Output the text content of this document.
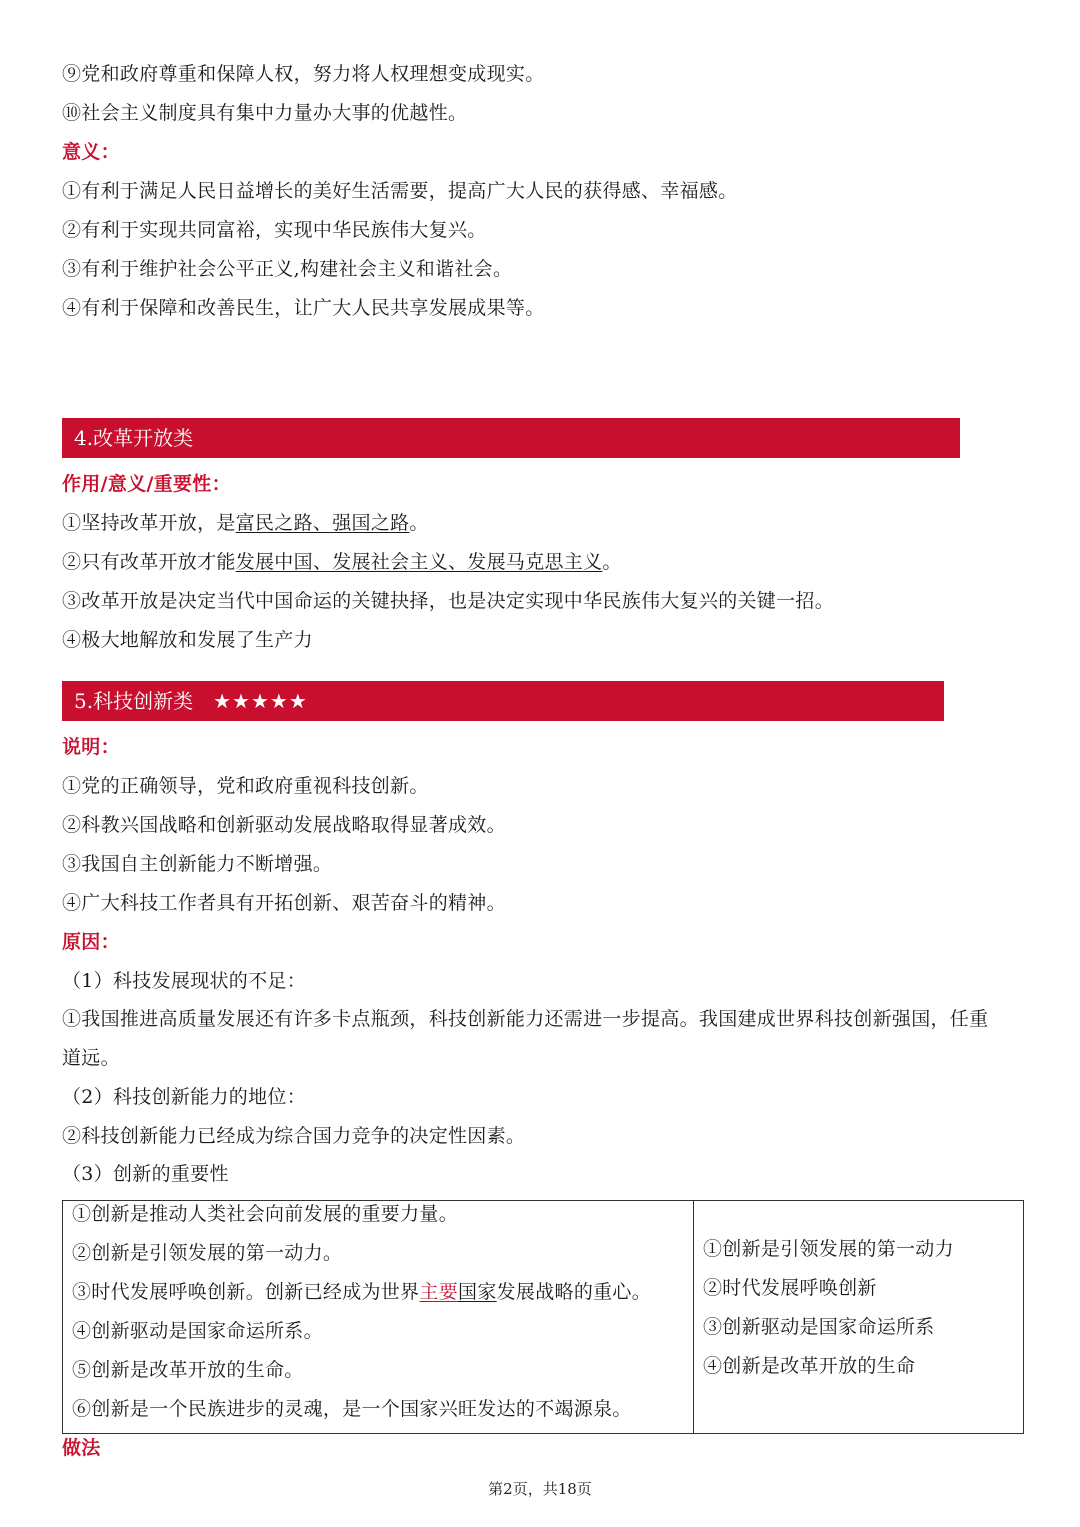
⑨党和政府尊重和保障人权，努力将人权理想变成现实。
⑩社会主义制度具有集中力量办大事的优越性。
意义：
①有利于满足人民日益增长的美好生活需要，提高广大人民的获得感、幸福感。
②有利于实现共同富裕，实现中华民族伟大复兴。
③有利于维护社会公平正义,构建社会主义和谐社会。
④有利于保障和改善民生，让广大人民共享发展成果等。
4.改革开放类
作用/意义/重要性：
①坚持改革开放，是富民之路、强国之路。
②只有改革开放才能发展中国、发展社会主义、发展马克思主义。
③改革开放是决定当代中国命运的关键抉择，也是决定实现中华民族伟大复兴的关键一招。
④极大地解放和发展了生产力
5.科技创新类 ★★★★★
说明：
①党的正确领导，党和政府重视科技创新。
②科教兴国战略和创新驱动发展战略取得显著成效。
③我国自主创新能力不断增强。
④广大科技工作者具有开拓创新、艰苦奋斗的精神。
原因：
（1）科技发展现状的不足：
①我国推进高质量发展还有许多卡点瓶颈，科技创新能力还需进一步提高。我国建成世界科技创新强国，任重
道远。
（2）科技创新能力的地位：
②科技创新能力已经成为综合国力竞争的决定性因素。
（3）创新的重要性
①创新是推动人类社会向前发展的重要力量。
②创新是引领发展的第一动力。
③时代发展呼唤创新。创新已经成为世界主要国家发展战略的重心。
④创新驱动是国家命运所系。
⑤创新是改革开放的生命。
⑥创新是一个民族进步的灵魂，是一个国家兴旺发达的不竭源泉。
①创新是引领发展的第一动力
②时代发展呼唤创新
③创新驱动是国家命运所系
④创新是改革开放的生命
做法
第2页，共18页
